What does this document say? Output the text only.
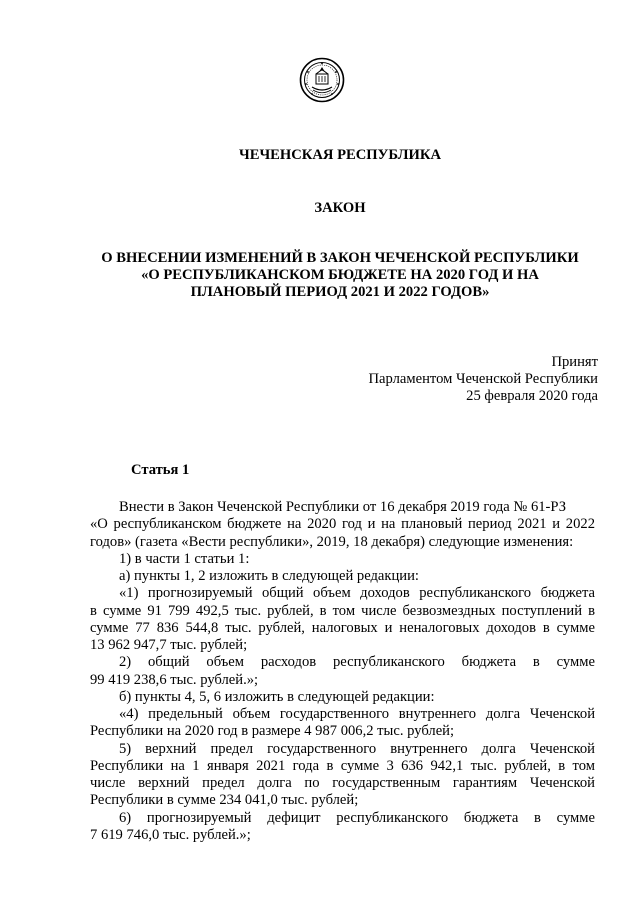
ЧЕЧЕНСКАЯ РЕСПУБЛИКА
ЗАКОН
О ВНЕСЕНИИ ИЗМЕНЕНИЙ В ЗАКОН ЧЕЧЕНСКОЙ РЕСПУБЛИКИ
«О РЕСПУБЛИКАНСКОМ БЮДЖЕТЕ НА 2020 ГОД И НА
ПЛАНОВЫЙ ПЕРИОД 2021 И 2022 ГОДОВ»
Принят
Парламентом Чеченской Республики
25 февраля 2020 года
Статья 1
Внести в Закон Чеченской Республики от 16 декабря 2019 года № 61-РЗ
«О республиканском бюджете на 2020 год и на плановый период 2021 и 2022
годов» (газета «Вести республики», 2019, 18 декабря) следующие изменения:
1) в части 1 статьи 1:
а) пункты 1, 2 изложить в следующей редакции:
«1) прогнозируемый общий объем доходов республиканского бюджета
в сумме 91 799 492,5 тыс. рублей, в том числе безвозмездных поступлений в
сумме 77 836 544,8 тыс. рублей, налоговых и неналоговых доходов в сумме
13 962 947,7 тыс. рублей;
2) общий объем расходов республиканского бюджета в сумме
99 419 238,6 тыс. рублей.»;
б) пункты 4, 5, 6 изложить в следующей редакции:
«4) предельный объем государственного внутреннего долга Чеченской
Республики на 2020 год в размере 4 987 006,2 тыс. рублей;
5) верхний предел государственного внутреннего долга Чеченской
Республики на 1 января 2021 года в сумме 3 636 942,1 тыс. рублей, в том
числе верхний предел долга по государственным гарантиям Чеченской
Республики в сумме 234 041,0 тыс. рублей;
6) прогнозируемый дефицит республиканского бюджета в сумме
7 619 746,0 тыс. рублей.»;
